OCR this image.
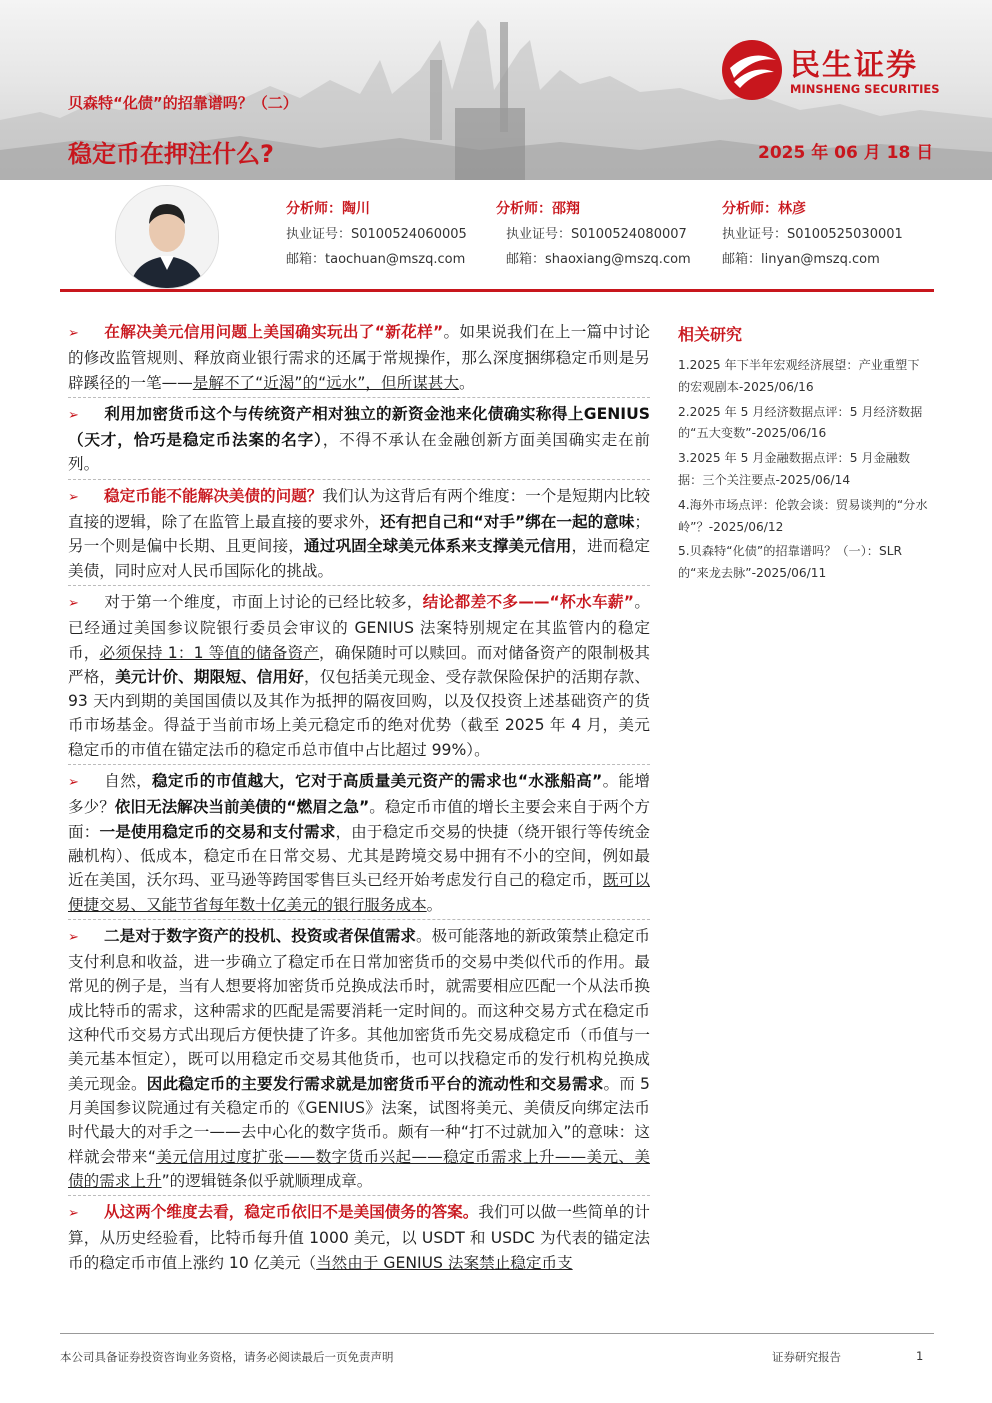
贝森特“化债”的招靠谱吗？（二）
稳定币在押注什么?	2025 年 06 月 18 日
民生证券
MINSHENG SECURITIES
分析师：陶川
执业证号：S0100524060005
邮箱：taochuan@mszq.com
分析师：邵翔
执业证号：S0100524080007
邮箱：shaoxiang@mszq.com
分析师：林彦
执业证号：S0100525030001
邮箱：linyan@mszq.com

➢ 在解决美元信用问题上美国确实玩出了“新花样”。如果说我们在上一篇中讨论的修改监管规则、释放商业银行需求的还属于常规操作，那么深度捆绑稳定币则是另辟蹊径的一笔——是解不了“近渴”的“远水”，但所谋甚大。

➢ 利用加密货币这个与传统资产相对独立的新资金池来化债确实称得上GENIUS（天才，恰巧是稳定币法案的名字），不得不承认在金融创新方面美国确实走在前列。

➢ 稳定币能不能解决美债的问题？我们认为这背后有两个维度：一个是短期内比较直接的逻辑，除了在监管上最直接的要求外，还有把自己和“对手”绑在一起的意味；另一个则是偏中长期、且更间接，通过巩固全球美元体系来支撑美元信用，进而稳定美债，同时应对人民币国际化的挑战。

➢ 对于第一个维度，市面上讨论的已经比较多，结论都差不多——“杯水车薪”。已经通过美国参议院银行委员会审议的 GENIUS 法案特别规定在其监管内的稳定币，必须保持 1：1 等值的储备资产，确保随时可以赎回。而对储备资产的限制极其严格，美元计价、期限短、信用好，仅包括美元现金、受存款保险保护的活期存款、93 天内到期的美国国债以及其作为抵押的隔夜回购，以及仅投资上述基础资产的货币市场基金。得益于当前市场上美元稳定币的绝对优势（截至 2025 年 4 月，美元稳定币的市值在锚定法币的稳定币总市值中占比超过 99%）。

➢ 自然，稳定币的市值越大，它对于高质量美元资产的需求也“水涨船高”。能增多少？依旧无法解决当前美债的“燃眉之急”。稳定币市值的增长主要会来自于两个方面：一是使用稳定币的交易和支付需求，由于稳定币交易的快捷（绕开银行等传统金融机构）、低成本，稳定币在日常交易、尤其是跨境交易中拥有不小的空间，例如最近在美国，沃尔玛、亚马逊等跨国零售巨头已经开始考虑发行自己的稳定币，既可以便捷交易、又能节省每年数十亿美元的银行服务成本。

➢ 二是对于数字资产的投机、投资或者保值需求。极可能落地的新政策禁止稳定币支付利息和收益，进一步确立了稳定币在日常加密货币的交易中类似代币的作用。最常见的例子是，当有人想要将加密货币兑换成法币时，就需要相应匹配一个从法币换成比特币的需求，这种需求的匹配是需要消耗一定时间的。而这种交易方式在稳定币这种代币交易方式出现后方便快捷了许多。其他加密货币先交易成稳定币（币值与一美元基本恒定），既可以用稳定币交易其他货币，也可以找稳定币的发行机构兑换成美元现金。因此稳定币的主要发行需求就是加密货币平台的流动性和交易需求。而 5 月美国参议院通过有关稳定币的《GENIUS》法案，试图将美元、美债反向绑定法币时代最大的对手之一——去中心化的数字货币。颇有一种“打不过就加入”的意味：这样就会带来“美元信用过度扩张——数字货币兴起——稳定币需求上升——美元、美债的需求上升”的逻辑链条似乎就顺理成章。

➢ 从这两个维度去看，稳定币依旧不是美国债务的答案。我们可以做一些简单的计算，从历史经验看，比特币每升值 1000 美元，以 USDT 和 USDC 为代表的锚定法币的稳定币市值上涨约 10 亿美元（当然由于 GENIUS 法案禁止稳定币支

相关研究
1.2025 年下半年宏观经济展望：产业重塑下的宏观剧本-2025/06/16
2.2025 年 5 月经济数据点评：5 月经济数据的“五大变数”-2025/06/16
3.2025 年 5 月金融数据点评：5 月金融数据：三个关注要点-2025/06/14
4.海外市场点评：伦敦会谈：贸易谈判的“分水岭”？-2025/06/12
5.贝森特“化债”的招靠谱吗？（一）：SLR 的“来龙去脉”-2025/06/11
本公司具备证券投资咨询业务资格，请务必阅读最后一页免责声明	证券研究报告	1
